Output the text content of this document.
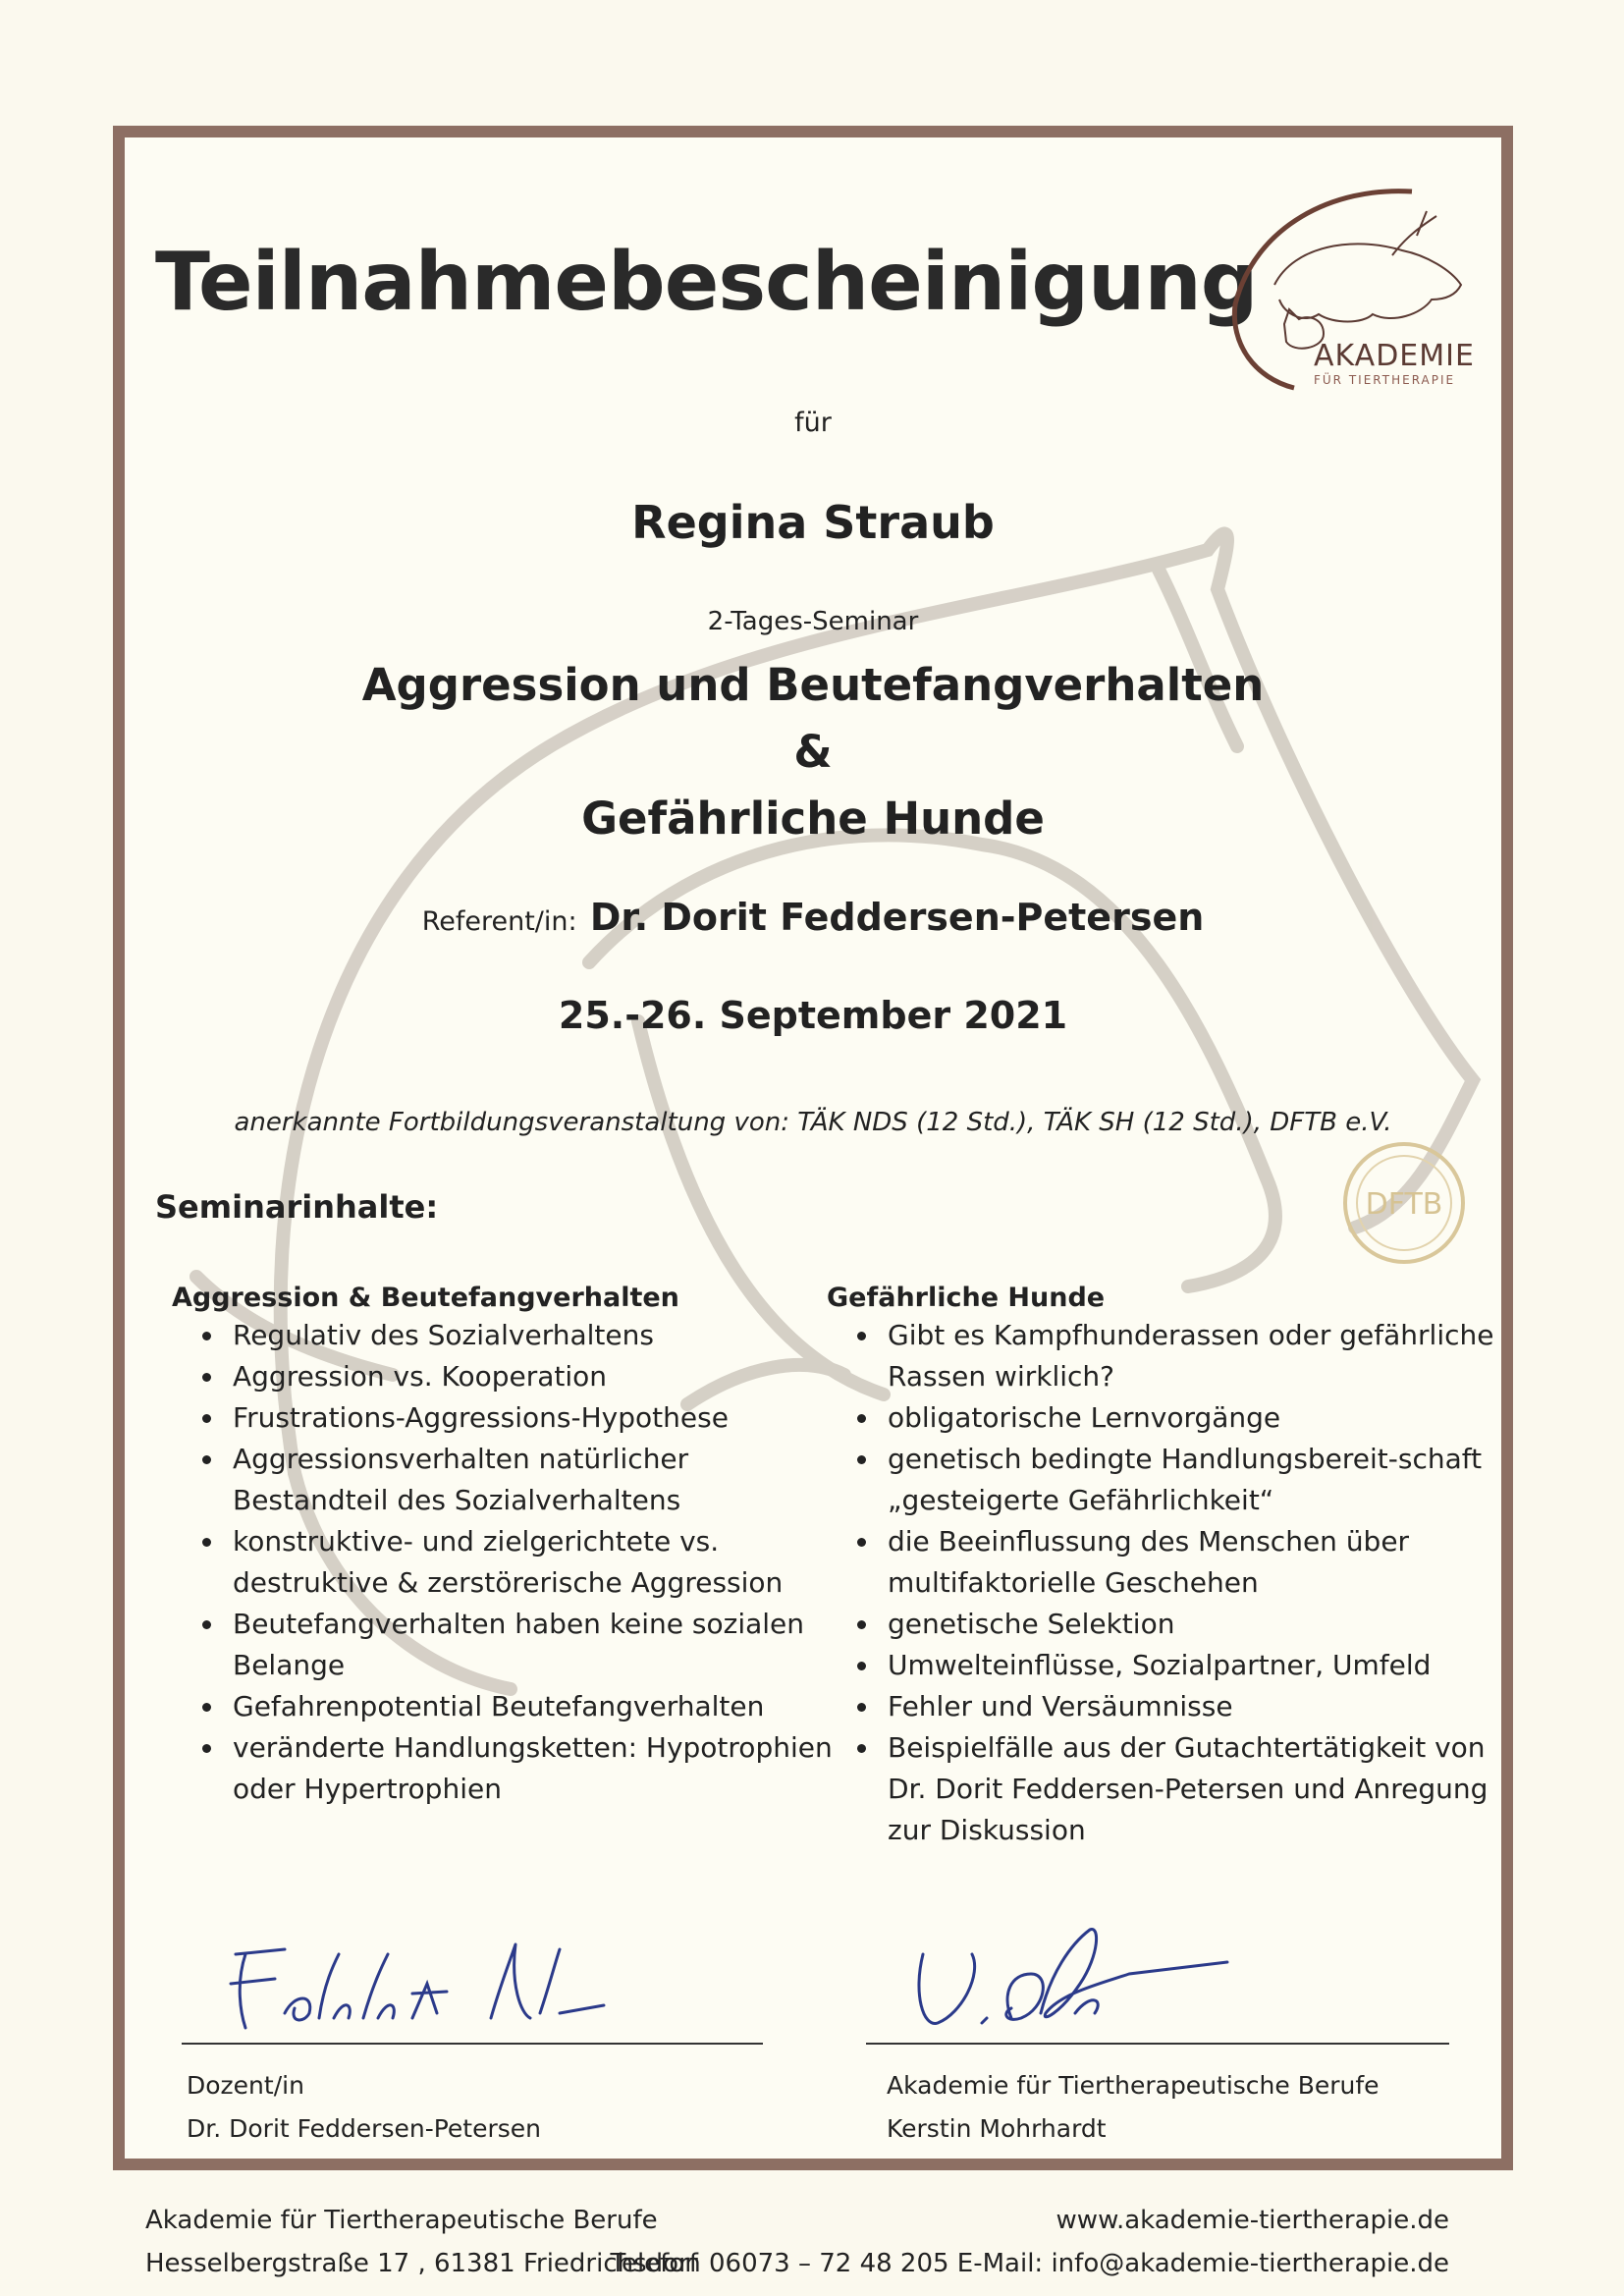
Teilnahmebescheinigung
AKADEMIE
FÜR TIERTHERAPIE
für
Regina Straub
2-Tages-Seminar
Aggression und Beutefangverhalten
&
Gefährliche Hunde
Referent/in: Dr. Dorit Feddersen-Petersen
25.-26. September 2021
anerkannte Fortbildungsveranstaltung von: TÄK NDS (12 Std.), TÄK SH (12 Std.), DFTB e.V.
DFTB
Seminarinhalte:
Aggression & Beutefangverhalten
Regulativ des Sozialverhaltens
Aggression vs. Kooperation
Frustrations-Aggressions-Hypothese
Aggressionsverhalten natürlicher Bestandteil des Sozialverhaltens
konstruktive- und zielgerichtete vs. destruktive & zerstörerische Aggression
Beutefangverhalten haben keine sozialen Belange
Gefahrenpotential Beutefangverhalten
veränderte Handlungsketten: Hypotrophien oder Hypertrophien
Gefährliche Hunde
Gibt es Kampfhunderassen oder gefährliche Rassen wirklich?
obligatorische Lernvorgänge
genetisch bedingte Handlungsbereit-schaft „gesteigerte Gefährlichkeit“
die Beeinflussung des Menschen über multifaktorielle Geschehen
genetische Selektion
Umwelteinflüsse, Sozialpartner, Umfeld
Fehler und Versäumnisse
Beispielfälle aus der Gutachtertätigkeit von Dr. Dorit Feddersen-Petersen und Anregung zur Diskussion
Dozent/in
Dr. Dorit Feddersen-Petersen
Akademie für Tiertherapeutische Berufe
Kerstin Mohrhardt
Akademie für Tiertherapeutische Berufe	www.akademie-tiertherapie.de
Hesselbergstraße 17 , 61381 Friedrichsdorf
Telefon 06073 – 72 48 205 E-Mail: info@akademie-tiertherapie.de
